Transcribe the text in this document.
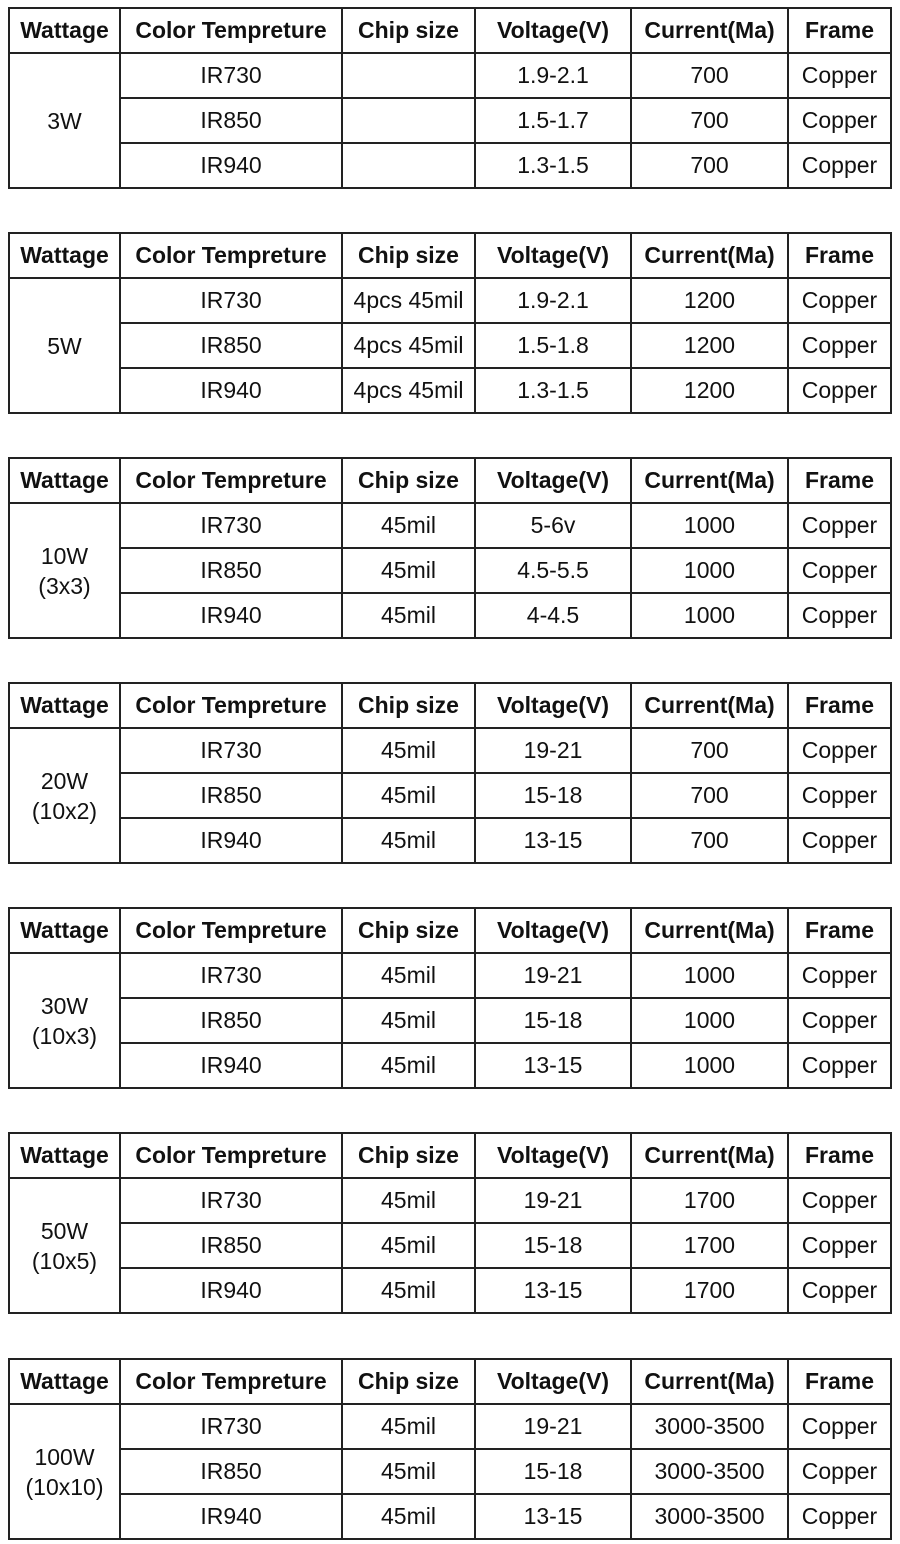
Wattage	Color Tempreture	Chip size	Voltage(V)	Current(Ma)	Frame

3W	IR730		1.9-2.1	700	Copper
	IR850		1.5-1.7	700	Copper
	IR940		1.3-1.5	700	Copper
Wattage	Color Tempreture	Chip size	Voltage(V)	Current(Ma)	Frame

5W	IR730	4pcs 45mil	1.9-2.1	1200	Copper
	IR850	4pcs 45mil	1.5-1.8	1200	Copper
	IR940	4pcs 45mil	1.3-1.5	1200	Copper
Wattage	Color Tempreture	Chip size	Voltage(V)	Current(Ma)	Frame

10W
(3x3)	IR730	45mil	5-6v	1000	Copper
	IR850	45mil	4.5-5.5	1000	Copper
	IR940	45mil	4-4.5	1000	Copper
Wattage	Color Tempreture	Chip size	Voltage(V)	Current(Ma)	Frame

20W
(10x2)	IR730	45mil	19-21	700	Copper
	IR850	45mil	15-18	700	Copper
	IR940	45mil	13-15	700	Copper
Wattage	Color Tempreture	Chip size	Voltage(V)	Current(Ma)	Frame

30W
(10x3)	IR730	45mil	19-21	1000	Copper
	IR850	45mil	15-18	1000	Copper
	IR940	45mil	13-15	1000	Copper
Wattage	Color Tempreture	Chip size	Voltage(V)	Current(Ma)	Frame

50W
(10x5)	IR730	45mil	19-21	1700	Copper
	IR850	45mil	15-18	1700	Copper
	IR940	45mil	13-15	1700	Copper
Wattage	Color Tempreture	Chip size	Voltage(V)	Current(Ma)	Frame

100W
(10x10)	IR730	45mil	19-21	3000-3500	Copper
	IR850	45mil	15-18	3000-3500	Copper
	IR940	45mil	13-15	3000-3500	Copper
